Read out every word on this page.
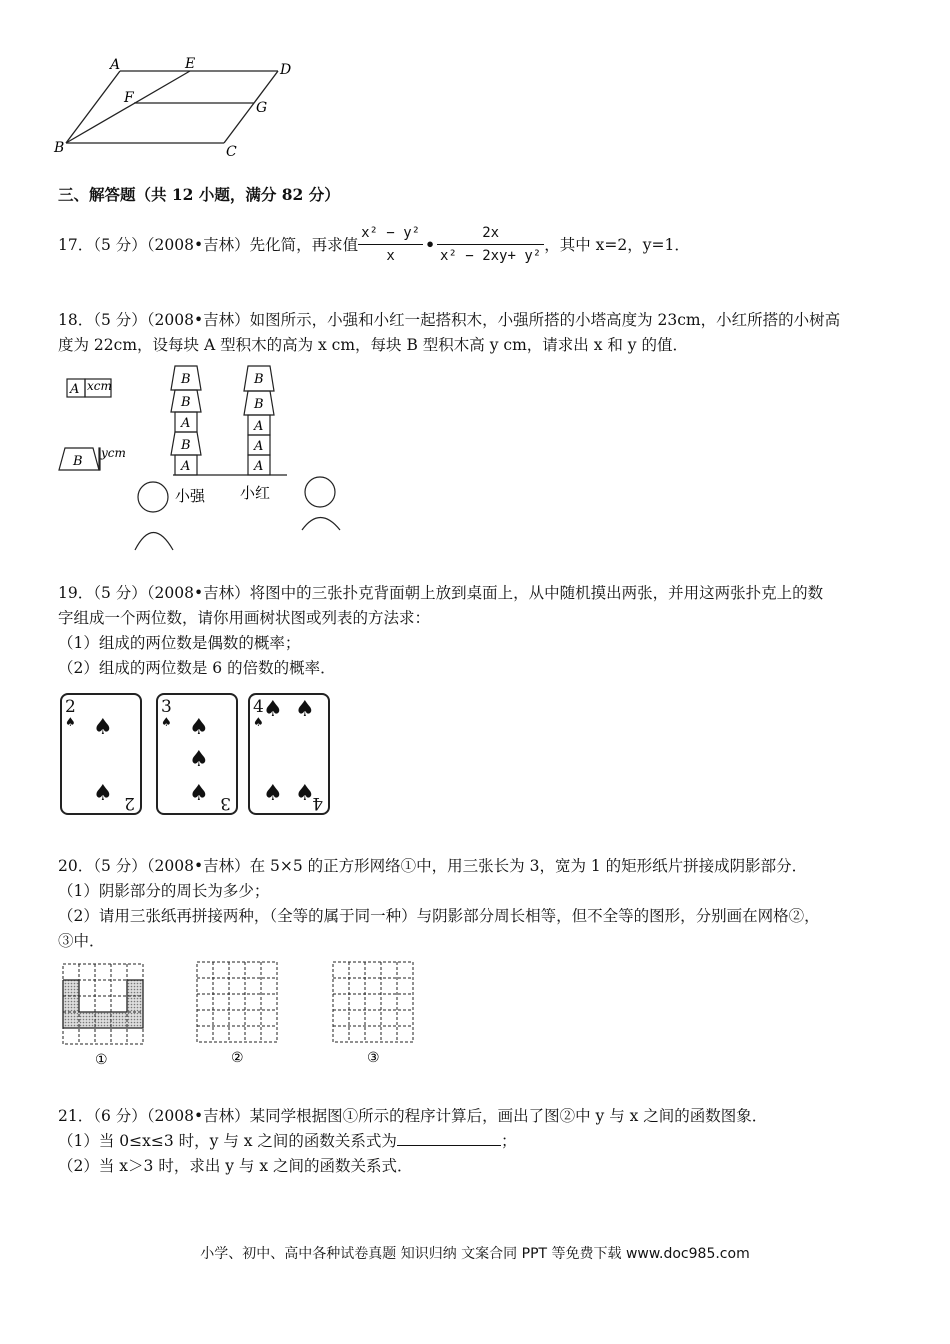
A	E	D
F
G
B	C
三、解答题（共 12 小题，满分 82 分）
17．（5 分）（2008•吉林）先化简，再求值 $\frac{\text{x² − y²}}{x}$ • $\frac{2x}{\text{x² − 2xy+ y²}}$ ，其中 x=2，y=1．
18．（5 分）（2008•吉林）如图所示，小强和小红一起搭积木，小强所搭的小塔高度为 23cm，小红所搭的小树高
度为 22cm，设每块 A 型积木的高为 x cm，每块 B 型积木高 y cm，请求出 x 和 y 的值．
A xcm
B
ycm
A
B
A
B
B
A
A
A
B
B
小强 小红
19．（5 分）（2008•吉林）将图中的三张扑克背面朝上放到桌面上，从中随机摸出两张，并用这两张扑克上的数
字组成一个两位数，请你用画树状图或列表的方法求：
（1）组成的两位数是偶数的概率；
（2）组成的两位数是 6 的倍数的概率．
2
♠ ♠
♠ 2
3
♠ ♠
♠
♠ 3
4
♠ ♠ ♠
♠ ♠
4
20．（5 分）（2008•吉林）在 5×5 的正方形网络①中，用三张长为 3，宽为 1 的矩形纸片拼接成阴影部分．
（1）阴影部分的周长为多少；
（2）请用三张纸再拼接两种，（全等的属于同一种）与阴影部分周长相等，但不全等的图形，分别画在网格②，
③中．
①	②	③
21．（6 分）（2008•吉林）某同学根据图①所示的程序计算后，画出了图②中 y 与 x 之间的函数图象．
（1）当 0≤x≤3 时，y 与 x 之间的函数关系式为	；
（2）当 x＞3 时，求出 y 与 x 之间的函数关系式．
小学、初中、高中各种试卷真题 知识归纳 文案合同 PPT 等免费下载 www.doc985.com
